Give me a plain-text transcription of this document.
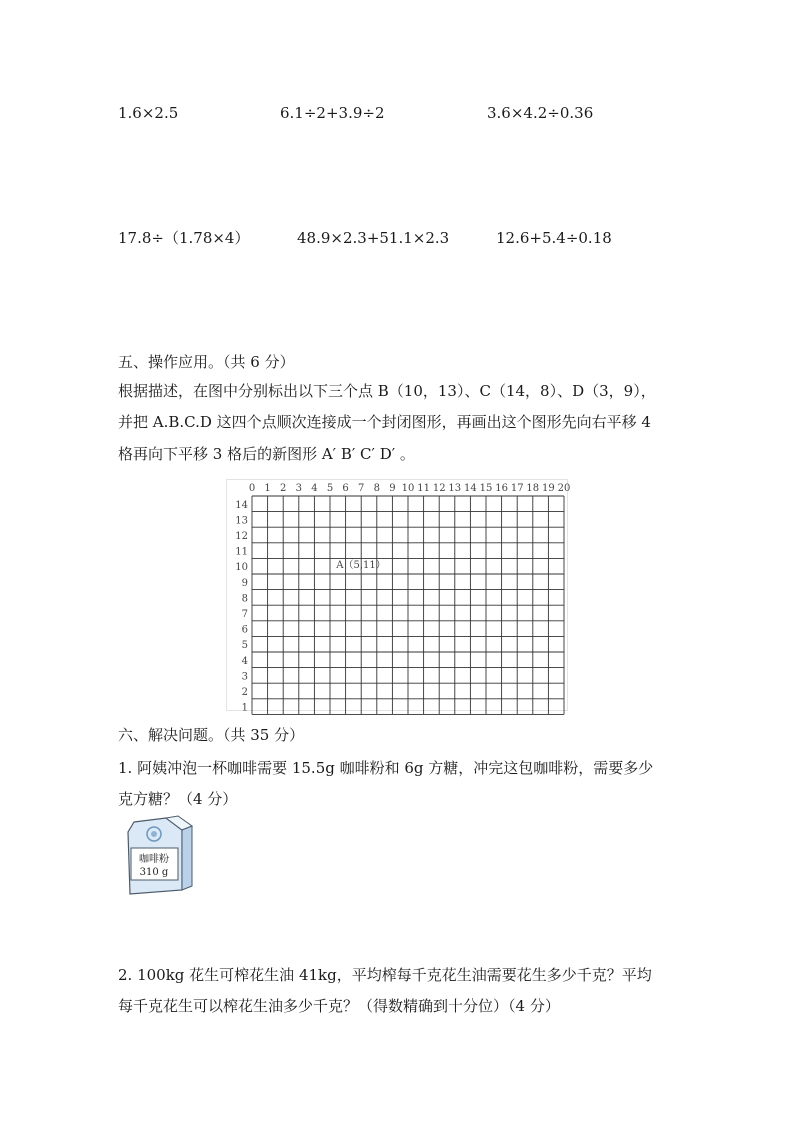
1.6×2.5	6.1÷2+3.9÷2	3.6×4.2÷0.36
17.8÷（1.78×4）	48.9×2.3+51.1×2.3	12.6+5.4÷0.18
五、操作应用。（共 6 分）
根据描述，在图中分别标出以下三个点 B（10，13）、C（14，8）、D（3，9），
并把 A.B.C.D 这四个点顺次连接成一个封闭图形，再画出这个图形先向右平移 4
格再向下平移 3 格后的新图形 A′ B′ C′ D′ 。
0 1 2 3 4 5 6 7 8 9 10 11 12 13 14 15 16 17 18 19 20
14
13
12
11
10
9
8
7
6
5
4
3
2
1
A（5,11）
六、解决问题。（共 35 分）
1. 阿姨冲泡一杯咖啡需要 15.5g 咖啡粉和 6g 方糖，冲完这包咖啡粉，需要多少
克方糖？（4 分）
咖啡粉
310 g
2. 100kg 花生可榨花生油 41kg，平均榨每千克花生油需要花生多少千克？平均
每千克花生可以榨花生油多少千克？（得数精确到十分位）（4 分）
